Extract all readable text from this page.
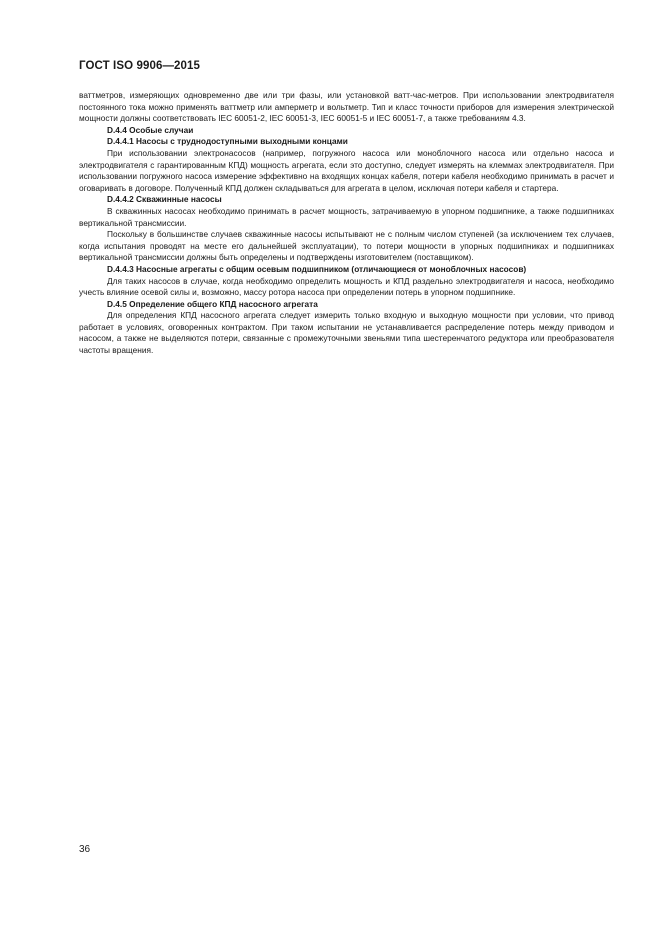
ГОСТ ISO 9906—2015

ваттметров, измеряющих одновременно две или три фазы, или установкой ватт-час-метров. При использовании электродвигателя постоянного тока можно применять ваттметр или амперметр и вольтметр. Тип и класс точности приборов для измерения электрической мощности должны соответствовать IEC 60051-2, IEC 60051-3, IEC 60051-5 и IEC 60051-7, а также требованиям 4.3.

D.4.4 Особые случаи

D.4.4.1 Насосы с труднодоступными выходными концами

При использовании электронасосов (например, погружного насоса или моноблочного насоса или отдельно насоса и электродвигателя с гарантированным КПД) мощность агрегата, если это доступно, следует измерять на клеммах электродвигателя. При использовании погружного насоса измерение эффективно на входящих концах кабеля, потери кабеля необходимо принимать в расчет и оговаривать в договоре. Полученный КПД должен складываться для агрегата в целом, исключая потери кабеля и стартера.

D.4.4.2 Скважинные насосы

В скважинных насосах необходимо принимать в расчет мощность, затрачиваемую в упорном подшипнике, а также подшипниках вертикальной трансмиссии.

Поскольку в большинстве случаев скважинные насосы испытывают не с полным числом ступеней (за исключением тех случаев, когда испытания проводят на месте его дальнейшей эксплуатации), то потери мощности в упорных подшипниках и подшипниках вертикальной трансмиссии должны быть определены и подтверждены изготовителем (поставщиком).

D.4.4.3 Насосные агрегаты с общим осевым подшипником (отличающиеся от моноблочных насосов)

Для таких насосов в случае, когда необходимо определить мощность и КПД раздельно электродвигателя и насоса, необходимо учесть влияние осевой силы и, возможно, массу ротора насоса при определении потерь в упорном подшипнике.

D.4.5 Определение общего КПД насосного агрегата

Для определения КПД насосного агрегата следует измерить только входную и выходную мощности при условии, что привод работает в условиях, оговоренных контрактом. При таком испытании не устанавливается распределение потерь между приводом и насосом, а также не выделяются потери, связанные с промежуточными звеньями типа шестеренчатого редуктора или преобразователя частоты вращения.

36
